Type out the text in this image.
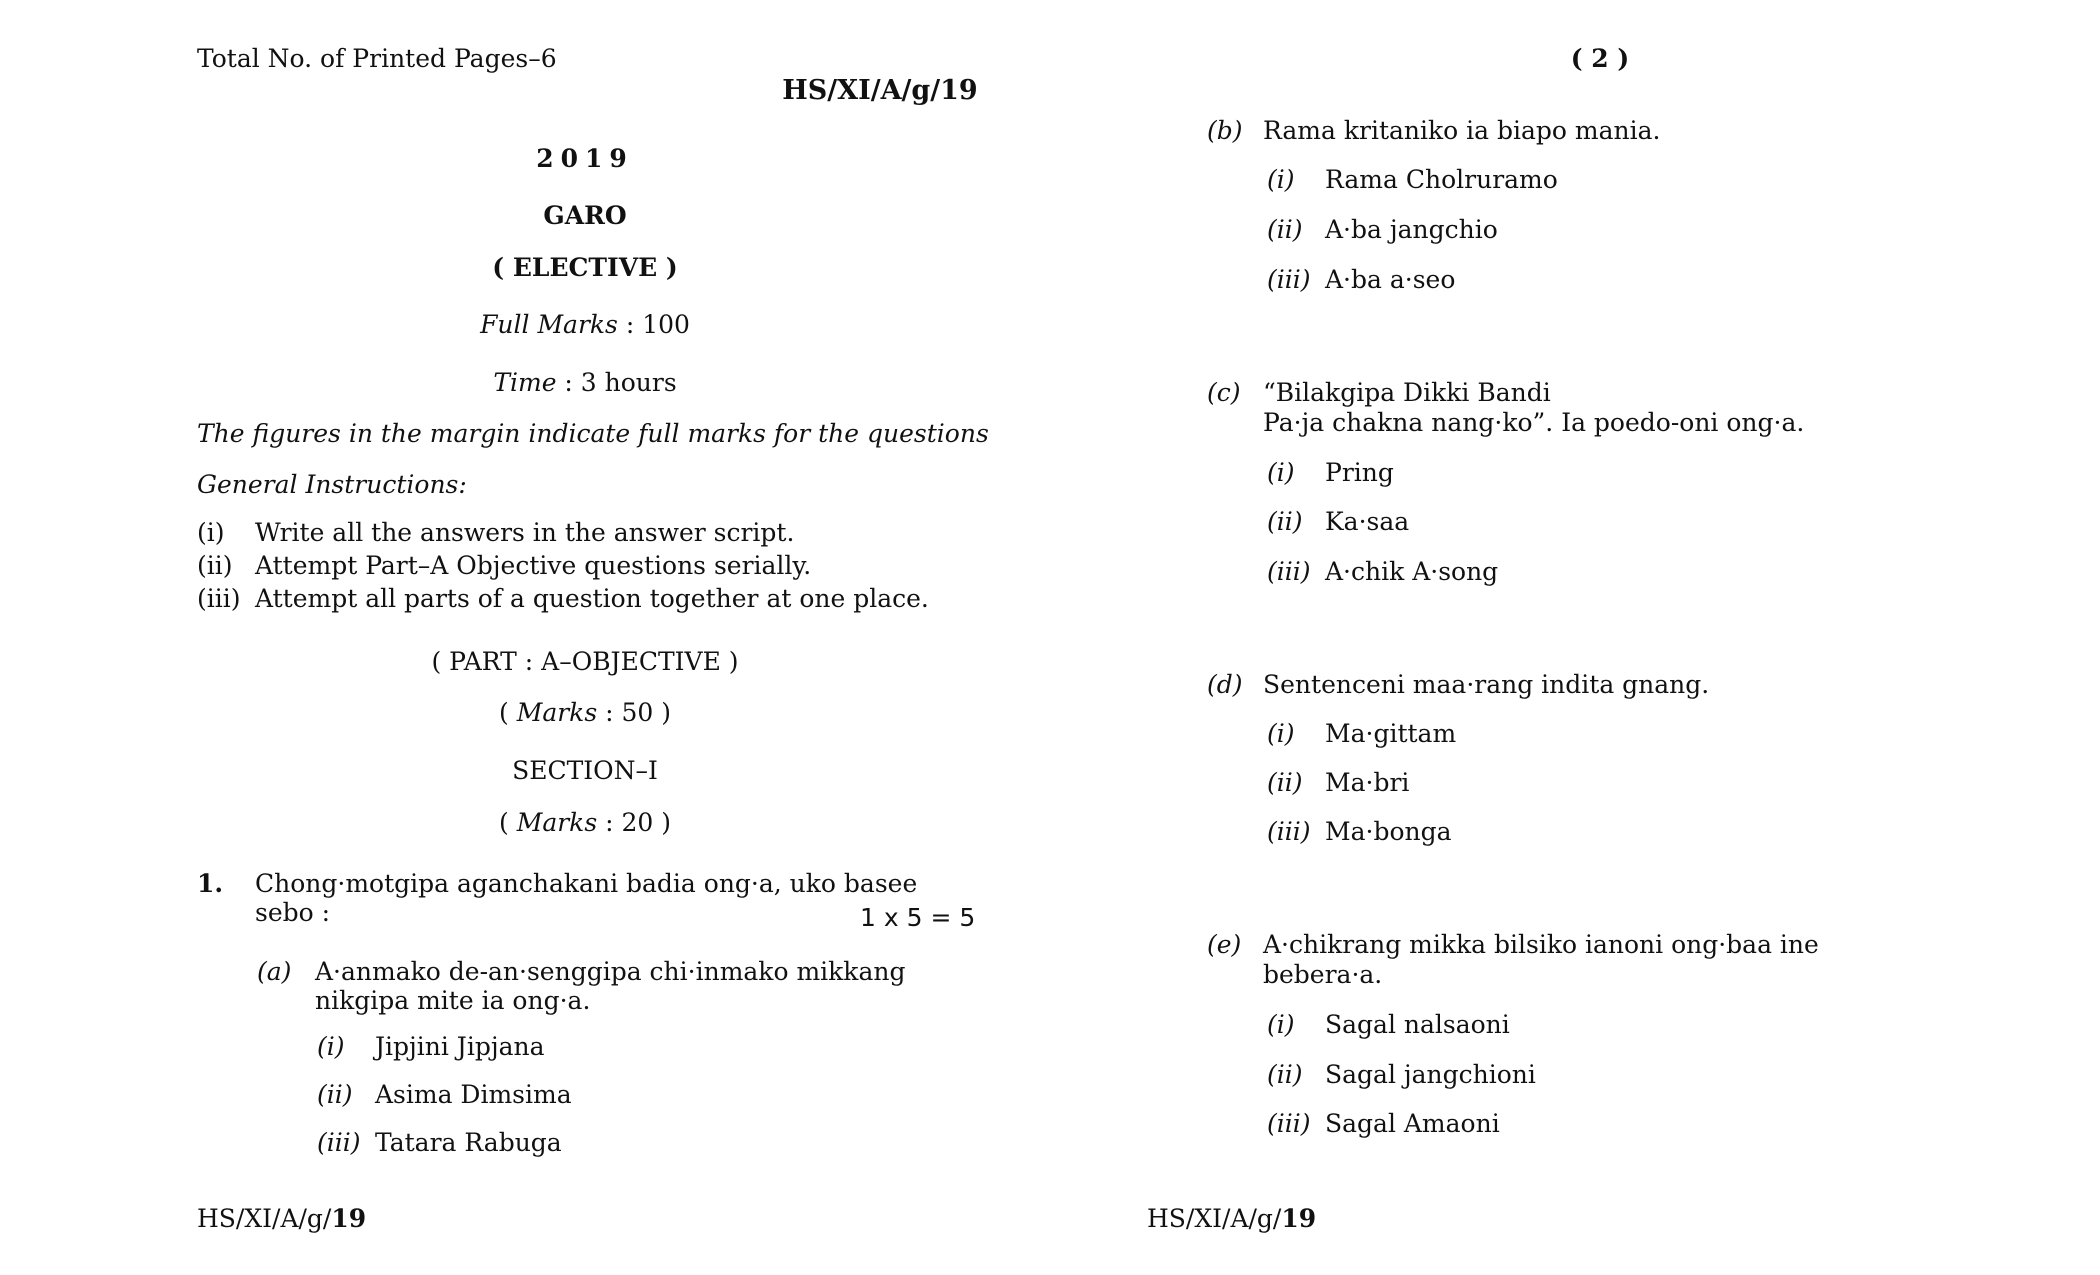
Total No. of Printed Pages–6
HS/XI/A/g/19
2019
GARO
( ELECTIVE )
Full Marks : 100
Time : 3 hours
The figures in the margin indicate full marks for the questions
General Instructions:
(i) Write all the answers in the answer script.
(ii) Attempt Part–A Objective questions serially.
(iii) Attempt all parts of a question together at one place.
( PART : A–OBJECTIVE )
( Marks : 50 )
SECTION–I
( Marks : 20 )
1. Chong·motgipa aganchakani badia ong·a, uko basee
sebo :	1 x 5 = 5
(a) A·anmako de-an·senggipa chi·inmako mikkang
nikgipa mite ia ong·a.
(i) Jipjini Jipjana
(ii) Asima Dimsima
(iii) Tatara Rabuga
HS/XI/A/g/19
( 2 )
(b) Rama kritaniko ia biapo mania.
(i) Rama Cholruramo
(ii) A·ba jangchio
(iii) A·ba a·seo
(c) “Bilakgipa Dikki Bandi
Pa·ja chakna nang·ko”. Ia poedo-oni ong·a.
(i) Pring
(ii) Ka·saa
(iii) A·chik A·song
(d) Sentenceni maa·rang indita gnang.
(i) Ma·gittam
(ii) Ma·bri
(iii) Ma·bonga
(e) A·chikrang mikka bilsiko ianoni ong·baa ine
bebera·a.
(i) Sagal nalsaoni
(ii) Sagal jangchioni
(iii) Sagal Amaoni
HS/XI/A/g/19
